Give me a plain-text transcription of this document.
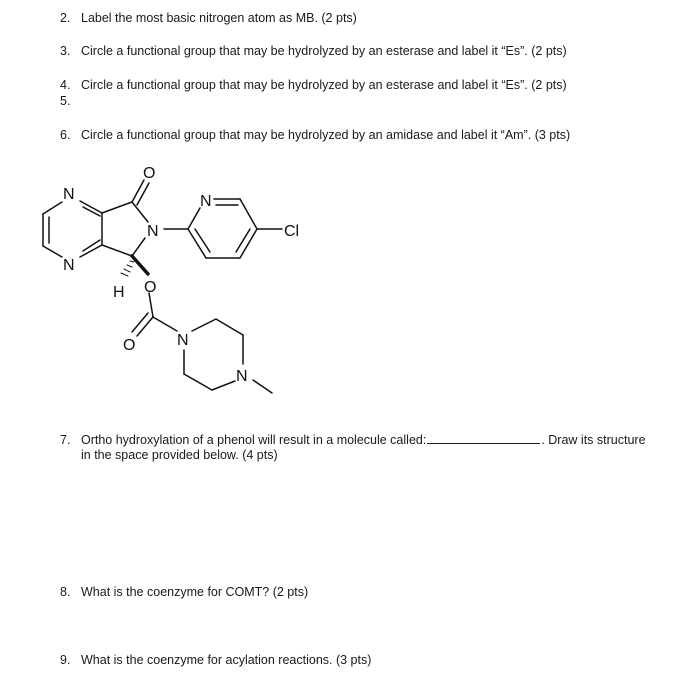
2. Label the most basic nitrogen atom as MB. (2 pts)
3. Circle a functional group that may be hydrolyzed by an esterase and label it “Es”. (2 pts)
4. Circle a functional group that may be hydrolyzed by an esterase and label it “Es”. (2 pts)
5.
6. Circle a functional group that may be hydrolyzed by an amidase and label it “Am”. (3 pts)
N
N
N
N
Cl
O
H O
O	N
N
7. Ortho hydroxylation of a phenol will result in a molecule called:	. Draw its structure
in the space provided below. (4 pts)
8. What is the coenzyme for COMT? (2 pts)
9. What is the coenzyme for acylation reactions. (3 pts)
